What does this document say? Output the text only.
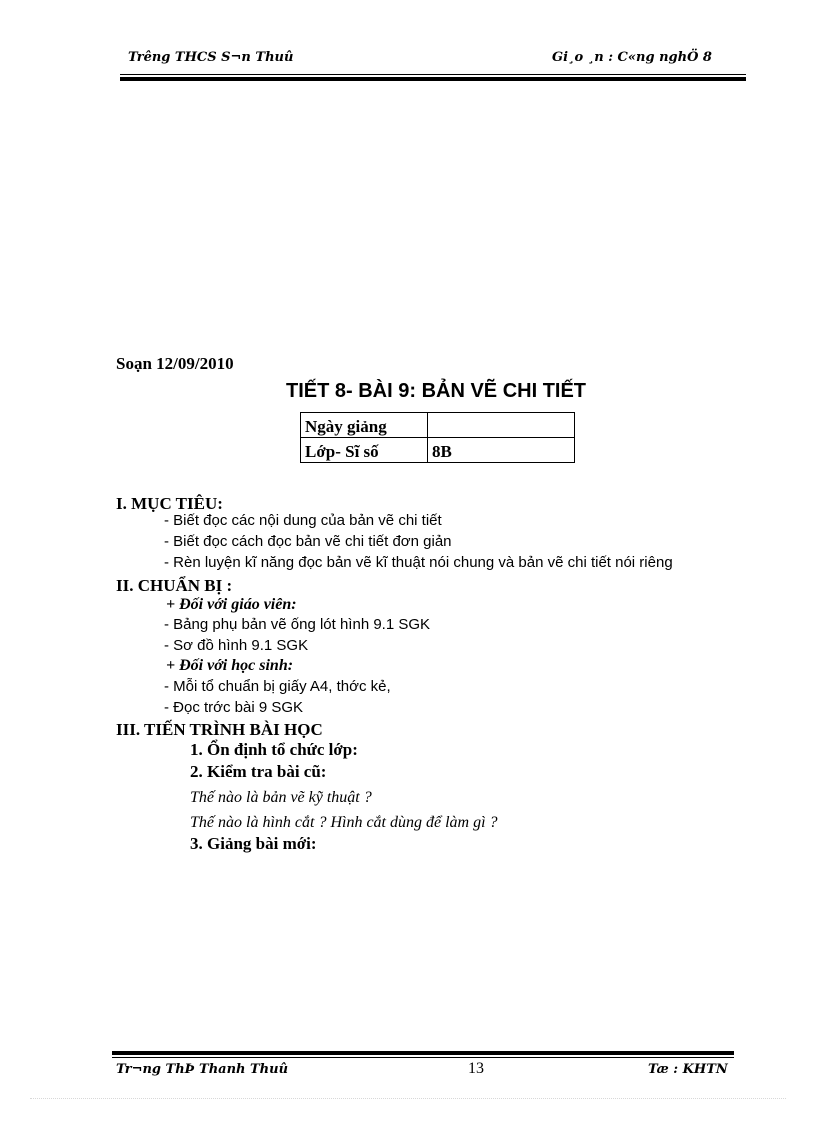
Trêng THCS S¬n Thuû	Gi¸o ¸n : C«ng nghÖ 8
Soạn 12/09/2010
TIẾT 8- BÀI 9: BẢN VẼ CHI TIẾT
Ngày giảng	
Lớp- Sĩ số	8B
I. MỤC TIÊU:
- Biết đọc các nội dung của bản vẽ chi tiết
- Biết đọc cách đọc bản vẽ chi tiết đơn giản
- Rèn luyện kĩ năng đọc bản vẽ kĩ thuật nói chung và bản vẽ chi tiết nói riêng
II. CHUẨN BỊ :
+ Đối với giáo viên:
- Bảng phụ bản vẽ ống lót hình 9.1 SGK
- Sơ đồ hình 9.1 SGK
+ Đối với học sinh:
- Mỗi tổ chuẩn bị giấy A4, thớc kẻ,
- Đọc trớc bài 9 SGK
III. TIẾN TRÌNH BÀI HỌC
1. Ổn định tổ chức lớp:
2. Kiểm tra bài cũ:
Thế nào là bản vẽ kỹ thuật ?
Thế nào là hình cắt ? Hình cắt dùng để làm gì ?
3. Giảng bài mới:
Tr¬ng ThÞ Thanh Thuû	13	Tæ : KHTN
